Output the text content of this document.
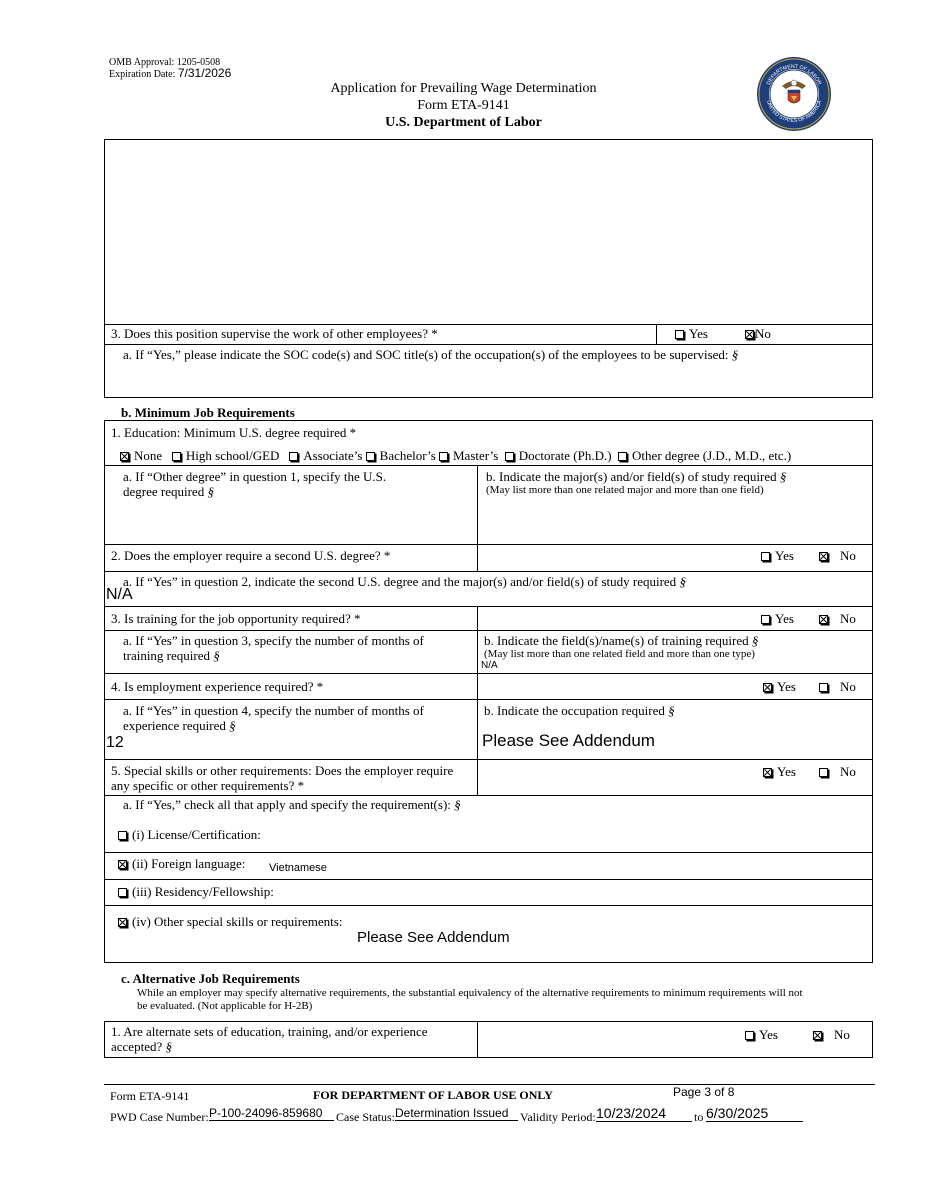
OMB Approval: 1205-0508
Expiration Date: 7/31/2026
Application for Prevailing Wage Determination
Form ETA-9141
U.S. Department of Labor
DEPARTMENT OF LABOR
UNITED STATES OF AMERICA
3. Does this position supervise the work of other employees? *	Yes	No
a. If “Yes,” please indicate the SOC code(s) and SOC title(s) of the occupation(s) of the employees to be supervised: §
b. Minimum Job Requirements
1. Education: Minimum U.S. degree required *
None High school/GED Associate’s Bachelor’s Master’s Doctorate (Ph.D.) Other degree (J.D., M.D., etc.)
a. If “Other degree” in question 1, specify the U.S.
degree required §
b. Indicate the major(s) and/or field(s) of study required §
(May list more than one related major and more than one field)
2. Does the employer require a second U.S. degree? *	Yes	No
a. If “Yes” in question 2, indicate the second U.S. degree and the major(s) and/or field(s) of study required §
N/A
3. Is training for the job opportunity required? *	Yes	No
a. If “Yes” in question 3, specify the number of months of
training required §
b. Indicate the field(s)/name(s) of training required §
(May list more than one related field and more than one type)
N/A
4. Is employment experience required? *	Yes	No
a. If “Yes” in question 4, specify the number of months of
experience required §
12
b. Indicate the occupation required §
Please See Addendum
5. Special skills or other requirements: Does the employer require
any specific or other requirements? *
Yes	No
a. If “Yes,” check all that apply and specify the requirement(s): §
(i) License/Certification:
(ii) Foreign language: Vietnamese
(iii) Residency/Fellowship:
(iv) Other special skills or requirements:
Please See Addendum
c. Alternative Job Requirements
While an employer may specify alternative requirements, the substantial equivalency of the alternative requirements to minimum requirements will not
be evaluated. (Not applicable for H-2B)
1. Are alternate sets of education, training, and/or experience
accepted? §
Yes	No
Form ETA-9141	FOR DEPARTMENT OF LABOR USE ONLY	Page 3 of 8
PWD Case Number: P-100-24096-859680	Case Status: Determination Issued Validity Period: 10/23/2024	to 6/30/2025
